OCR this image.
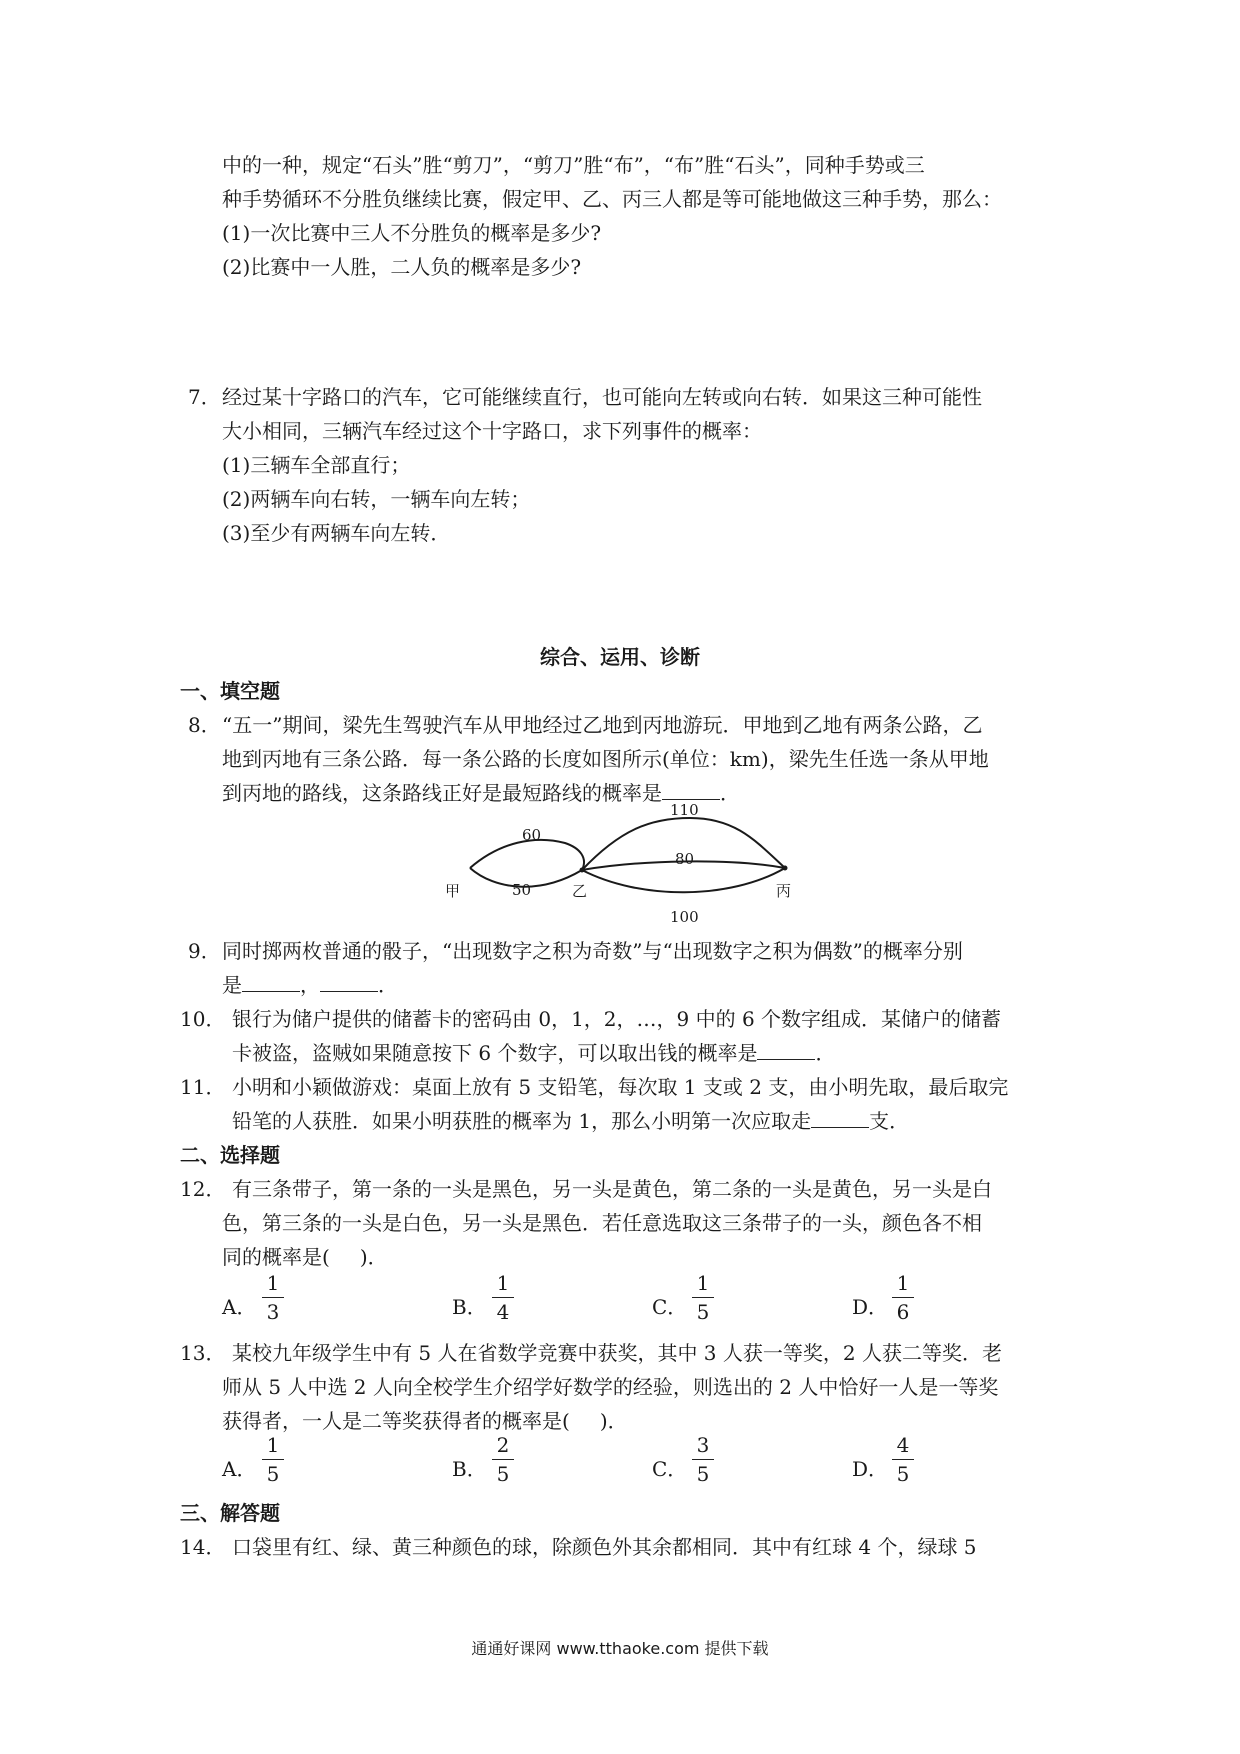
中的一种，规定“石头”胜“剪刀”，“剪刀”胜“布”，“布”胜“石头”，同种手势或三
种手势循环不分胜负继续比赛，假定甲、乙、丙三人都是等可能地做这三种手势，那么：
(1)一次比赛中三人不分胜负的概率是多少?
(2)比赛中一人胜，二人负的概率是多少?
7． 经过某十字路口的汽车，它可能继续直行，也可能向左转或向右转．如果这三种可能性
大小相同，三辆汽车经过这个十字路口，求下列事件的概率：
(1)三辆车全部直行；
(2)两辆车向右转，一辆车向左转；
(3)至少有两辆车向左转．
综合、运用、诊断
一、填空题
8． “五一”期间，梁先生驾驶汽车从甲地经过乙地到丙地游玩．甲地到乙地有两条公路，乙
地到丙地有三条公路．每一条公路的长度如图所示(单位：km)，梁先生任选一条从甲地
到丙地的路线，这条路线正好是最短路线的概率是	．
60
50
110
80
100
甲	乙	丙
9． 同时掷两枚普通的骰子，“出现数字之积为奇数”与“出现数字之积为偶数”的概率分别
是	，	．
10． 银行为储户提供的储蓄卡的密码由 0，1，2，…，9 中的 6 个数字组成．某储户的储蓄
卡被盗，盗贼如果随意按下 6 个数字，可以取出钱的概率是	．
11． 小明和小颖做游戏：桌面上放有 5 支铅笔，每次取 1 支或 2 支，由小明先取，最后取完
铅笔的人获胜．如果小明获胜的概率为 1，那么小明第一次应取走	支．
二、选择题
12． 有三条带子，第一条的一头是黑色，另一头是黄色，第二条的一头是黄色，另一头是白
色，第三条的一头是白色，另一头是黑色．若任意选取这三条带子的一头，颜色各不相
同的概率是( )．
A．
1
3	B．
1
4	C．
1
5	D．
1
6
13． 某校九年级学生中有 5 人在省数学竞赛中获奖，其中 3 人获一等奖，2 人获二等奖．老
师从 5 人中选 2 人向全校学生介绍学好数学的经验，则选出的 2 人中恰好一人是一等奖
获得者，一人是二等奖获得者的概率是( )．
A．
1
5	B．
2
5	C．
3
5	D．
4
5
三、解答题
14． 口袋里有红、绿、黄三种颜色的球，除颜色外其余都相同．其中有红球 4 个，绿球 5
通通好课网 www.tthaoke.com 提供下载
